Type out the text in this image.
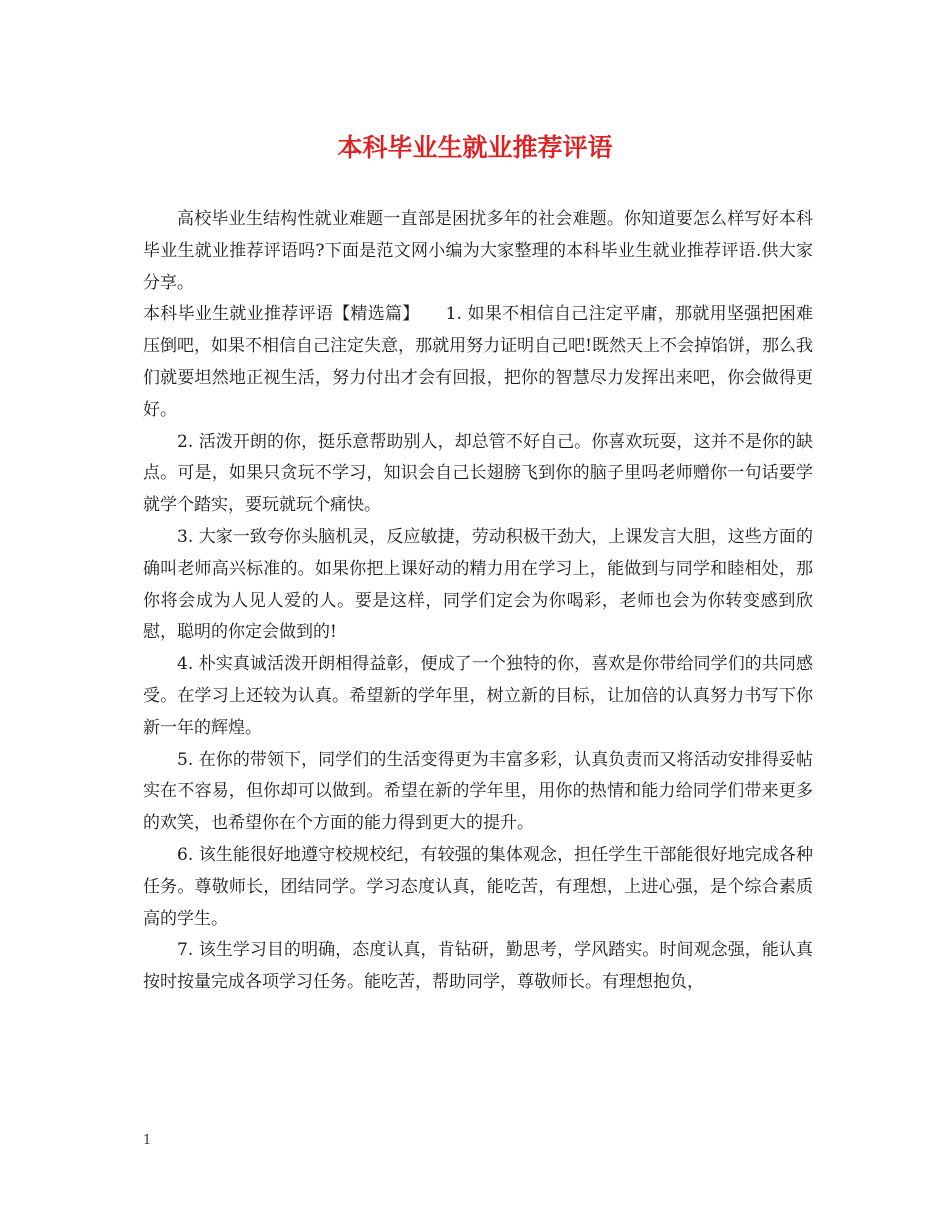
本科毕业生就业推荐评语

高校毕业生结构性就业难题一直部是困扰多年的社会难题。你知道要怎么样写好本科毕业生就业推荐评语吗?下面是范文网小编为大家整理的本科毕业生就业推荐评语.供大家分享。

本科毕业生就业推荐评语【精选篇】　　1. 如果不相信自己注定平庸，那就用坚强把困难压倒吧，如果不相信自己注定失意，那就用努力证明自己吧!既然天上不会掉馅饼，那么我们就要坦然地正视生活，努力付出才会有回报，把你的智慧尽力发挥出来吧，你会做得更好。

2. 活泼开朗的你，挺乐意帮助别人，却总管不好自己。你喜欢玩耍，这并不是你的缺点。可是，如果只贪玩不学习，知识会自己长翅膀飞到你的脑子里吗老师赠你一句话要学就学个踏实，要玩就玩个痛快。

3. 大家一致夸你头脑机灵，反应敏捷，劳动积极干劲大，上课发言大胆，这些方面的确叫老师高兴标准的。如果你把上课好动的精力用在学习上，能做到与同学和睦相处，那你将会成为人见人爱的人。要是这样，同学们定会为你喝彩，老师也会为你转变感到欣慰，聪明的你定会做到的!

4. 朴实真诚活泼开朗相得益彰，便成了一个独特的你，喜欢是你带给同学们的共同感受。在学习上还较为认真。希望新的学年里，树立新的目标，让加倍的认真努力书写下你新一年的辉煌。

5. 在你的带领下，同学们的生活变得更为丰富多彩，认真负责而又将活动安排得妥帖实在不容易，但你却可以做到。希望在新的学年里，用你的热情和能力给同学们带来更多的欢笑，也希望你在个方面的能力得到更大的提升。

6. 该生能很好地遵守校规校纪，有较强的集体观念，担任学生干部能很好地完成各种任务。尊敬师长，团结同学。学习态度认真，能吃苦，有理想，上进心强，是个综合素质高的学生。

7. 该生学习目的明确，态度认真，肯钻研，勤思考，学风踏实。时间观念强，能认真按时按量完成各项学习任务。能吃苦，帮助同学，尊敬师长。有理想抱负，

1
